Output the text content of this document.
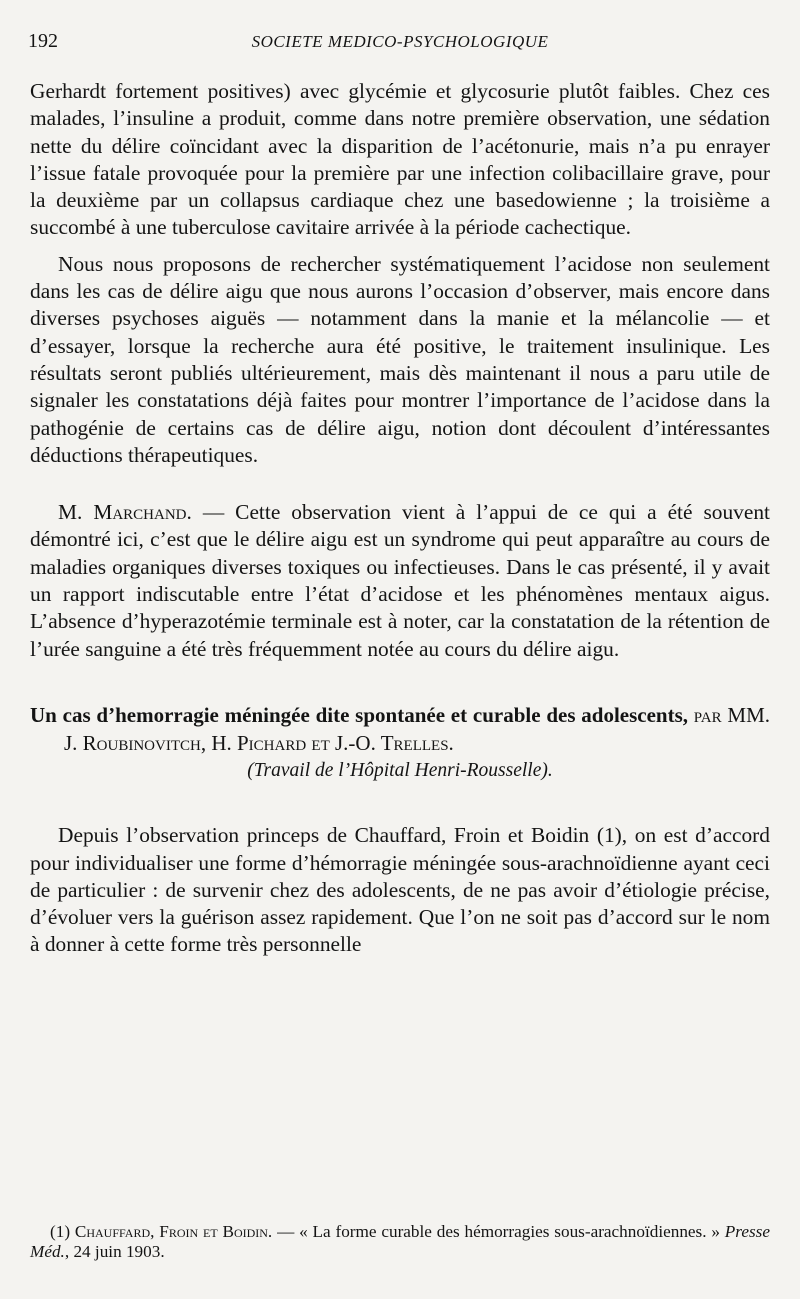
192	SOCIETE MEDICO-PSYCHOLOGIQUE

Gerhardt fortement positives) avec glycémie et glycosurie plutôt faibles. Chez ces malades, l’insuline a produit, comme dans notre première observation, une sédation nette du délire coïncidant avec la disparition de l’acétonurie, mais n’a pu enrayer l’issue fatale provoquée pour la première par une infection colibacillaire grave, pour la deuxième par un collapsus cardiaque chez une basedowienne ; la troisième a succombé à une tuberculose cavitaire arrivée à la période cachectique.

Nous nous proposons de rechercher systématiquement l’acidose non seulement dans les cas de délire aigu que nous aurons l’occasion d’observer, mais encore dans diverses psychoses aiguës — notamment dans la manie et la mélancolie — et d’essayer, lorsque la recherche aura été positive, le traitement insulinique. Les résultats seront publiés ultérieurement, mais dès maintenant il nous a paru utile de signaler les constatations déjà faites pour montrer l’importance de l’acidose dans la pathogénie de certains cas de délire aigu, notion dont découlent d’intéressantes déductions thérapeutiques.

M. Marchand. — Cette observation vient à l’appui de ce qui a été souvent démontré ici, c’est que le délire aigu est un syndrome qui peut apparaître au cours de maladies organiques diverses toxiques ou infectieuses. Dans le cas présenté, il y avait un rapport indiscutable entre l’état d’acidose et les phénomènes mentaux aigus. L’absence d’hyperazotémie terminale est à noter, car la constatation de la rétention de l’urée sanguine a été très fréquemment notée au cours du délire aigu.

Un cas d’hemorragie méningée dite spontanée et curable des adolescents, par MM. J. Roubinovitch, H. Pichard et J.-O. Trelles.

(Travail de l’Hôpital Henri-Rousselle).

Depuis l’observation princeps de Chauffard, Froin et Boidin (1), on est d’accord pour individualiser une forme d’hémorragie méningée sous-arachnoïdienne ayant ceci de particulier : de survenir chez des adolescents, de ne pas avoir d’étiologie précise, d’évoluer vers la guérison assez rapidement. Que l’on ne soit pas d’accord sur le nom à donner à cette forme très personnelle

(1) Chauffard, Froin et Boidin. — « La forme curable des hémorragies sous-arachnoïdiennes. » Presse Méd., 24 juin 1903.
